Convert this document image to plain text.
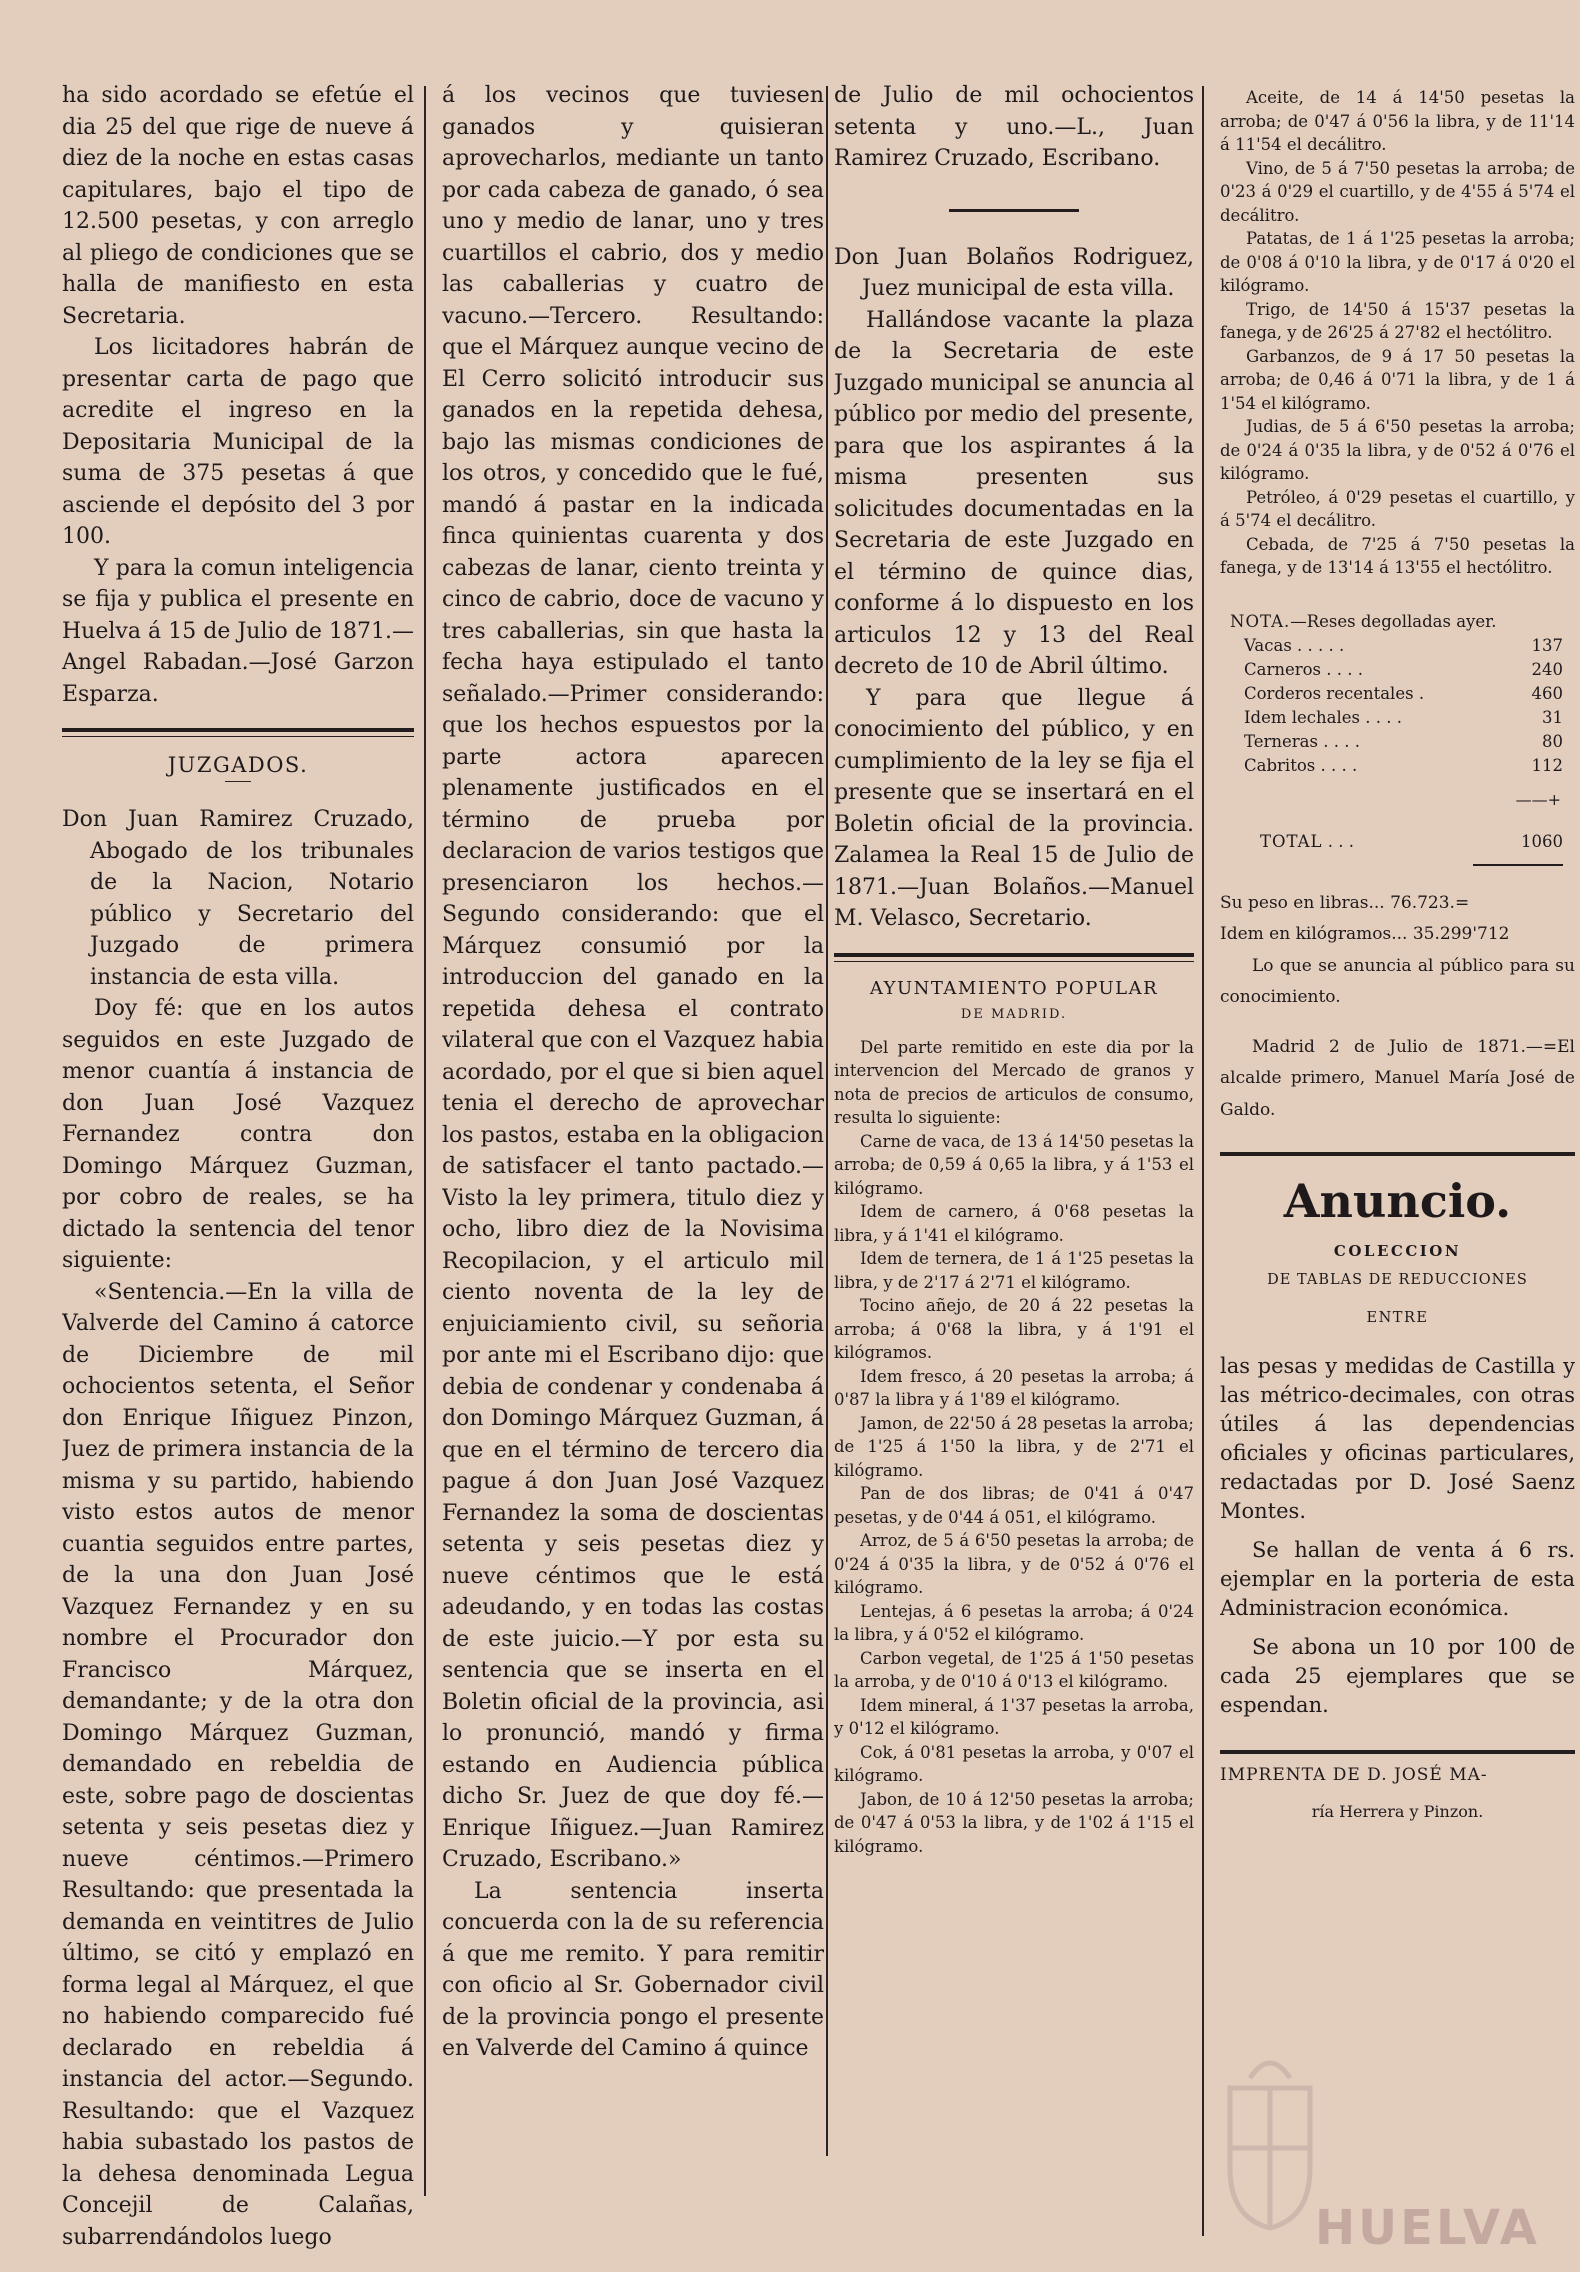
ha sido acordado se efetúe el dia 25 del que rige de nueve á diez de la noche en estas casas capitulares, bajo el tipo de 12.500 pesetas, y con arreglo al pliego de condiciones que se halla de manifiesto en esta Secretaria.

Los licitadores habrán de presentar carta de pago que acredite el ingreso en la Depositaria Municipal de la suma de 375 pesetas á que asciende el depósito del 3 por 100.

Y para la comun inteligencia se fija y publica el presente en Huelva á 15 de Julio de 1871.—Angel Rabadan.—José Garzon Esparza.

JUZGADOS.

Don Juan Ramirez Cruzado, Abogado de los tribunales de la Nacion, Notario público y Secretario del Juzgado de primera instancia de esta villa.

Doy fé: que en los autos seguidos en este Juzgado de menor cuantía á instancia de don Juan José Vazquez Fernandez contra don Domingo Márquez Guzman, por cobro de reales, se ha dictado la sentencia del tenor siguiente:

«Sentencia.—En la villa de Valverde del Camino á catorce de Diciembre de mil ochocientos setenta, el Señor don Enrique Iñiguez Pinzon, Juez de primera instancia de la misma y su partido, habiendo visto estos autos de menor cuantia seguidos entre partes, de la una don Juan José Vazquez Fernandez y en su nombre el Procurador don Francisco Márquez, demandante; y de la otra don Domingo Márquez Guzman, demandado en rebeldia de este, sobre pago de doscientas setenta y seis pesetas diez y nueve céntimos.—Primero Resultando: que presentada la demanda en veintitres de Julio último, se citó y emplazó en forma legal al Márquez, el que no habiendo comparecido fué declarado en rebeldia á instancia del actor.—Segundo. Resultando: que el Vazquez habia subastado los pastos de la dehesa denominada Legua Concejil de Calañas, subarrendándolos luego

á los vecinos que tuviesen ganados y quisieran aprovecharlos, mediante un tanto por cada cabeza de ganado, ó sea uno y medio de lanar, uno y tres cuartillos el cabrio, dos y medio las caballerias y cuatro de vacuno.—Tercero. Resultando: que el Márquez aunque vecino de El Cerro solicitó introducir sus ganados en la repetida dehesa, bajo las mismas condiciones de los otros, y concedido que le fué, mandó á pastar en la indicada finca quinientas cuarenta y dos cabezas de lanar, ciento treinta y cinco de cabrio, doce de vacuno y tres caballerias, sin que hasta la fecha haya estipulado el tanto señalado.—Primer considerando: que los hechos espuestos por la parte actora aparecen plenamente justificados en el término de prueba por declaracion de varios testigos que presenciaron los hechos.—Segundo considerando: que el Márquez consumió por la introduccion del ganado en la repetida dehesa el contrato vilateral que con el Vazquez habia acordado, por el que si bien aquel tenia el derecho de aprovechar los pastos, estaba en la obligacion de satisfacer el tanto pactado.—Visto la ley primera, titulo diez y ocho, libro diez de la Novisima Recopilacion, y el articulo mil ciento noventa de la ley de enjuiciamiento civil, su señoria por ante mi el Escribano dijo: que debia de condenar y condenaba á don Domingo Márquez Guzman, á que en el término de tercero dia pague á don Juan José Vazquez Fernandez la soma de doscientas setenta y seis pesetas diez y nueve céntimos que le está adeudando, y en todas las costas de este juicio.—Y por esta su sentencia que se inserta en el Boletin oficial de la provincia, asi lo pronunció, mandó y firma estando en Audiencia pública dicho Sr. Juez de que doy fé.—Enrique Iñiguez.—Juan Ramirez Cruzado, Escribano.»

La sentencia inserta concuerda con la de su referencia á que me remito. Y para remitir con oficio al Sr. Gobernador civil de la provincia pongo el presente en Valverde del Camino á quince

de Julio de mil ochocientos setenta y uno.—L., Juan Ramirez Cruzado, Escribano.

Don Juan Bolaños Rodriguez, Juez municipal de esta villa.

Hallándose vacante la plaza de la Secretaria de este Juzgado municipal se anuncia al público por medio del presente, para que los aspirantes á la misma presenten sus solicitudes documentadas en la Secretaria de este Juzgado en el término de quince dias, conforme á lo dispuesto en los articulos 12 y 13 del Real decreto de 10 de Abril último.

Y para que llegue á conocimiento del público, y en cumplimiento de la ley se fija el presente que se insertará en el Boletin oficial de la provincia. Zalamea la Real 15 de Julio de 1871.—Juan Bolaños.—Manuel M. Velasco, Secretario.

AYUNTAMIENTO POPULAR
DE MADRID.

Del parte remitido en este dia por la intervencion del Mercado de granos y nota de precios de articulos de consumo, resulta lo siguiente:

Carne de vaca, de 13 á 14'50 pesetas la arroba; de 0,59 á 0,65 la libra, y á 1'53 el kilógramo.

Idem de carnero, á 0'68 pesetas la libra, y á 1'41 el kilógramo.

Idem de ternera, de 1 á 1'25 pesetas la libra, y de 2'17 á 2'71 el kilógramo.

Tocino añejo, de 20 á 22 pesetas la arroba; á 0'68 la libra, y á 1'91 el kilógramos.

Idem fresco, á 20 pesetas la arroba; á 0'87 la libra y á 1'89 el kilógramo.

Jamon, de 22'50 á 28 pesetas la arroba; de 1'25 á 1'50 la libra, y de 2'71 el kilógramo.

Pan de dos libras; de 0'41 á 0'47 pesetas, y de 0'44 á 051, el kilógramo.

Arroz, de 5 á 6'50 pesetas la arroba; de 0'24 á 0'35 la libra, y de 0'52 á 0'76 el kilógramo.

Lentejas, á 6 pesetas la arroba; á 0'24 la libra, y á 0'52 el kilógramo.

Carbon vegetal, de 1'25 á 1'50 pesetas la arroba, y de 0'10 á 0'13 el kilógramo.

Idem mineral, á 1'37 pesetas la arroba, y 0'12 el kilógramo.

Cok, á 0'81 pesetas la arroba, y 0'07 el kilógramo.

Jabon, de 10 á 12'50 pesetas la arroba; de 0'47 á 0'53 la libra, y de 1'02 á 1'15 el kilógramo.

Aceite, de 14 á 14'50 pesetas la arroba; de 0'47 á 0'56 la libra, y de 11'14 á 11'54 el decálitro.

Vino, de 5 á 7'50 pesetas la arroba; de 0'23 á 0'29 el cuartillo, y de 4'55 á 5'74 el decálitro.

Patatas, de 1 á 1'25 pesetas la arroba; de 0'08 á 0'10 la libra, y de 0'17 á 0'20 el kilógramo.

Trigo, de 14'50 á 15'37 pesetas la fanega, y de 26'25 á 27'82 el hectólitro.

Garbanzos, de 9 á 17 50 pesetas la arroba; de 0,46 á 0'71 la libra, y de 1 á 1'54 el kilógramo.

Judias, de 5 á 6'50 pesetas la arroba; de 0'24 á 0'35 la libra, y de 0'52 á 0'76 el kilógramo.

Petróleo, á 0'29 pesetas el cuartillo, y á 5'74 el decálitro.

Cebada, de 7'25 á 7'50 pesetas la fanega, y de 13'14 á 13'55 el hectólitro.

NOTA.—Reses degolladas ayer.
Vacas . . . . .	137
Carneros . . . .	240
Corderos recentales .	460
Idem lechales . . . .	31
Terneras . . . .	80
Cabritos . . . .	112
——+
TOTAL . . .	1060

Su peso en libras... 76.723.=

Idem en kilógramos... 35.299'712

Lo que se anuncia al público para su conocimiento.

Madrid 2 de Julio de 1871.—=El alcalde primero, Manuel María José de Galdo.

Anuncio.
COLECCION
DE TABLAS DE REDUCCIONES
ENTRE

las pesas y medidas de Castilla y las métrico-decimales, con otras útiles á las dependencias oficiales y oficinas particulares, redactadas por D. José Saenz Montes.

Se hallan de venta á 6 rs. ejemplar en la porteria de esta Administracion económica.

Se abona un 10 por 100 de cada 25 ejemplares que se espendan.

IMPRENTA DE D. JOSÉ MA-
ría Herrera y Pinzon.
HUELVA
